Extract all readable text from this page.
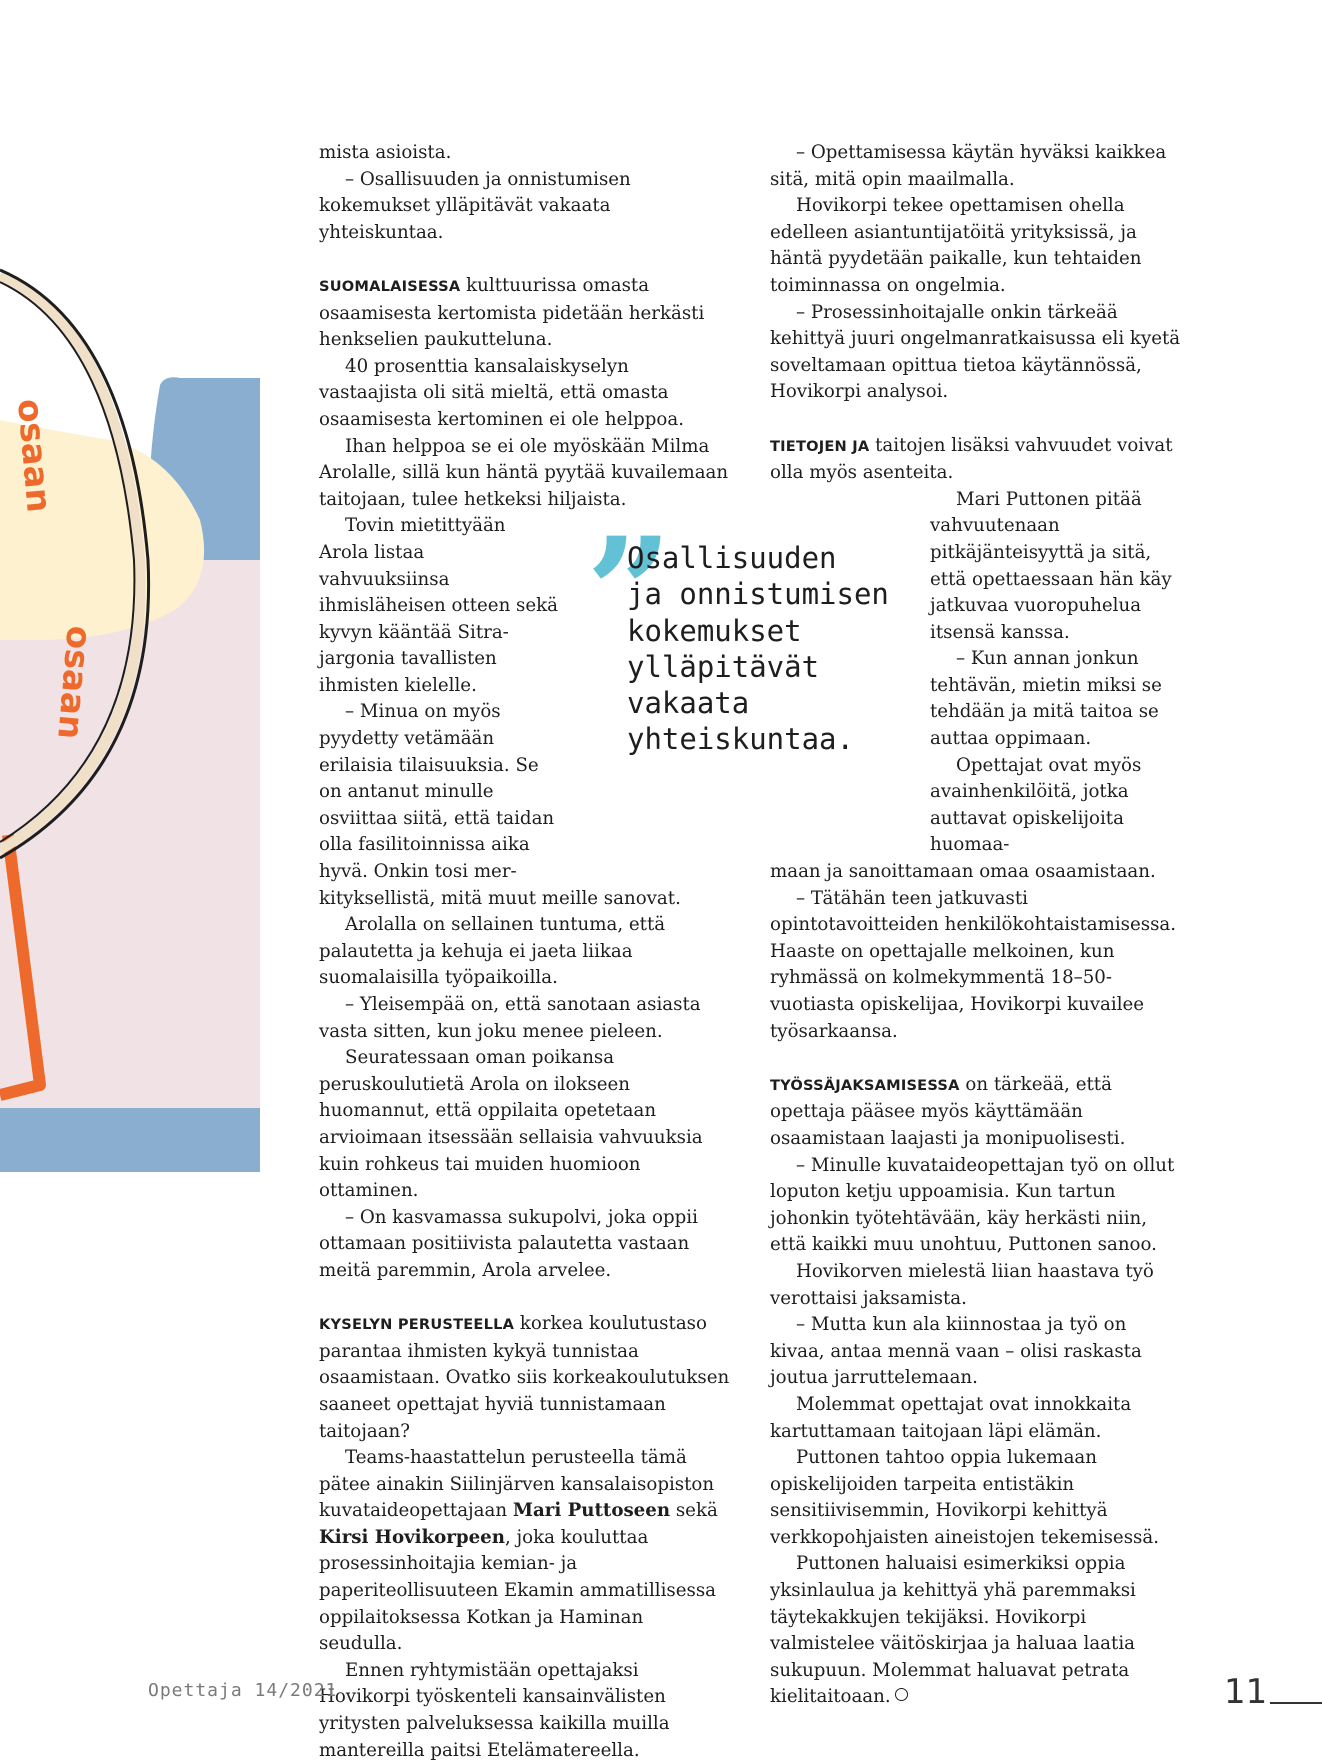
osaan
osaan

mista asioista.

– Osallisuuden ja onnistumisen kokemukset ylläpitävät vakaata yhteiskuntaa.

SUOMALAISESSA kulttuurissa omasta osaamisesta kertomista pidetään herkästi henkselien paukutteluna.

40 prosenttia kansalaiskyselyn vastaajista oli sitä mieltä, että omasta osaamisesta kertominen ei ole helppoa.

Ihan helppoa se ei ole myöskään Milma Arolalle, sillä kun häntä pyytää kuvailemaan taitojaan, tulee hetkeksi hiljaista.

Tovin mietittyään Arola listaa vahvuuksiinsa ihmisläheisen otteen sekä kyvyn kääntää Sitra-jargonia tavallisten ihmisten kielelle.

– Minua on myös pyydetty vetämään erilaisia tilaisuuksia. Se on antanut minulle osviittaa siitä, että taidan olla fasilitoinnissa aika hyvä. Onkin tosi mer-

kityksellistä, mitä muut meille sanovat.

Arolalla on sellainen tuntuma, että palautetta ja kehuja ei jaeta liikaa suomalaisilla työpaikoilla.

– Yleisempää on, että sanotaan asiasta vasta sitten, kun joku menee pieleen.

Seuratessaan oman poikansa peruskoulutietä Arola on ilokseen huomannut, että oppilaita opetetaan arvioimaan itsessään sellaisia vahvuuksia kuin rohkeus tai muiden huomioon ottaminen.

– On kasvamassa sukupolvi, joka oppii ottamaan positiivista palautetta vastaan meitä paremmin, Arola arvelee.

KYSELYN PERUSTEELLA korkea koulutustaso parantaa ihmisten kykyä tunnistaa osaamistaan. Ovatko siis korkeakoulutuksen saaneet opettajat hyviä tunnistamaan taitojaan?

Teams-haastattelun perusteella tämä pätee ainakin Siilinjärven kansalaisopiston kuvataideopettajaan Mari Puttoseen sekä Kirsi Hovikorpeen, joka kouluttaa prosessinhoitajia kemian- ja paperiteollisuuteen Ekamin ammatillisessa oppilaitoksessa Kotkan ja Haminan seudulla.

Ennen ryhtymistään opettajaksi Hovikorpi työskenteli kansainvälisten yritysten palveluksessa kaikilla muilla mantereilla paitsi Etelämatereella.

– Opettamisessa käytän hyväksi kaikkea sitä, mitä opin maailmalla.

Hovikorpi tekee opettamisen ohella edelleen asiantuntijatöitä yrityksissä, ja häntä pyydetään paikalle, kun tehtaiden toiminnassa on ongelmia.

– Prosessinhoitajalle onkin tärkeää kehittyä juuri ongelmanratkaisussa eli kyetä soveltamaan opittua tietoa käytännössä, Hovikorpi analysoi.

TIETOJEN JA taitojen lisäksi vahvuudet voivat olla myös asenteita.

Mari Puttonen pitää vahvuutenaan pitkäjänteisyyttä ja sitä, että opettaessaan hän käy jatkuvaa vuoropuhelua itsensä kanssa.

– Kun annan jonkun tehtävän, mietin miksi se tehdään ja mitä taitoa se auttaa oppimaan.

Opettajat ovat myös avainhenkilöitä, jotka auttavat opiskelijoita huomaa-

maan ja sanoittamaan omaa osaamistaan.

– Tätähän teen jatkuvasti opintotavoitteiden henkilökohtaistamisessa. Haaste on opettajalle melkoinen, kun ryhmässä on kolmekymmentä 18–50-vuotiasta opiskelijaa, Hovikorpi kuvailee työsarkaansa.

TYÖSSÄJAKSAMISESSA on tärkeää, että opettaja pääsee myös käyttämään osaamistaan laajasti ja monipuolisesti.

– Minulle kuvataideopettajan työ on ollut loputon ketju uppoamisia. Kun tartun johonkin työtehtävään, käy herkästi niin, että kaikki muu unohtuu, Puttonen sanoo.

Hovikorven mielestä liian haastava työ verottaisi jaksamista.

– Mutta kun ala kiinnostaa ja työ on kivaa, antaa mennä vaan – olisi raskasta joutua jarruttelemaan.

Molemmat opettajat ovat innokkaita kartuttamaan taitojaan läpi elämän.

Puttonen tahtoo oppia lukemaan opiskelijoiden tarpeita entistäkin sensitiivisemmin, Hovikorpi kehittyä verkkopohjaisten aineistojen tekemisessä.

Puttonen haluaisi esimerkiksi oppia yksinlaulua ja kehittyä yhä paremmaksi täytekakkujen tekijäksi. Hovikorpi valmistelee väitöskirjaa ja haluaa laatia sukupuun. Molemmat haluavat petrata kielitaitoaan.

”
Osallisuuden
ja onnistumisen
kokemukset
ylläpitävät
vakaata
yhteiskuntaa.
Opettaja 14/2021	11
